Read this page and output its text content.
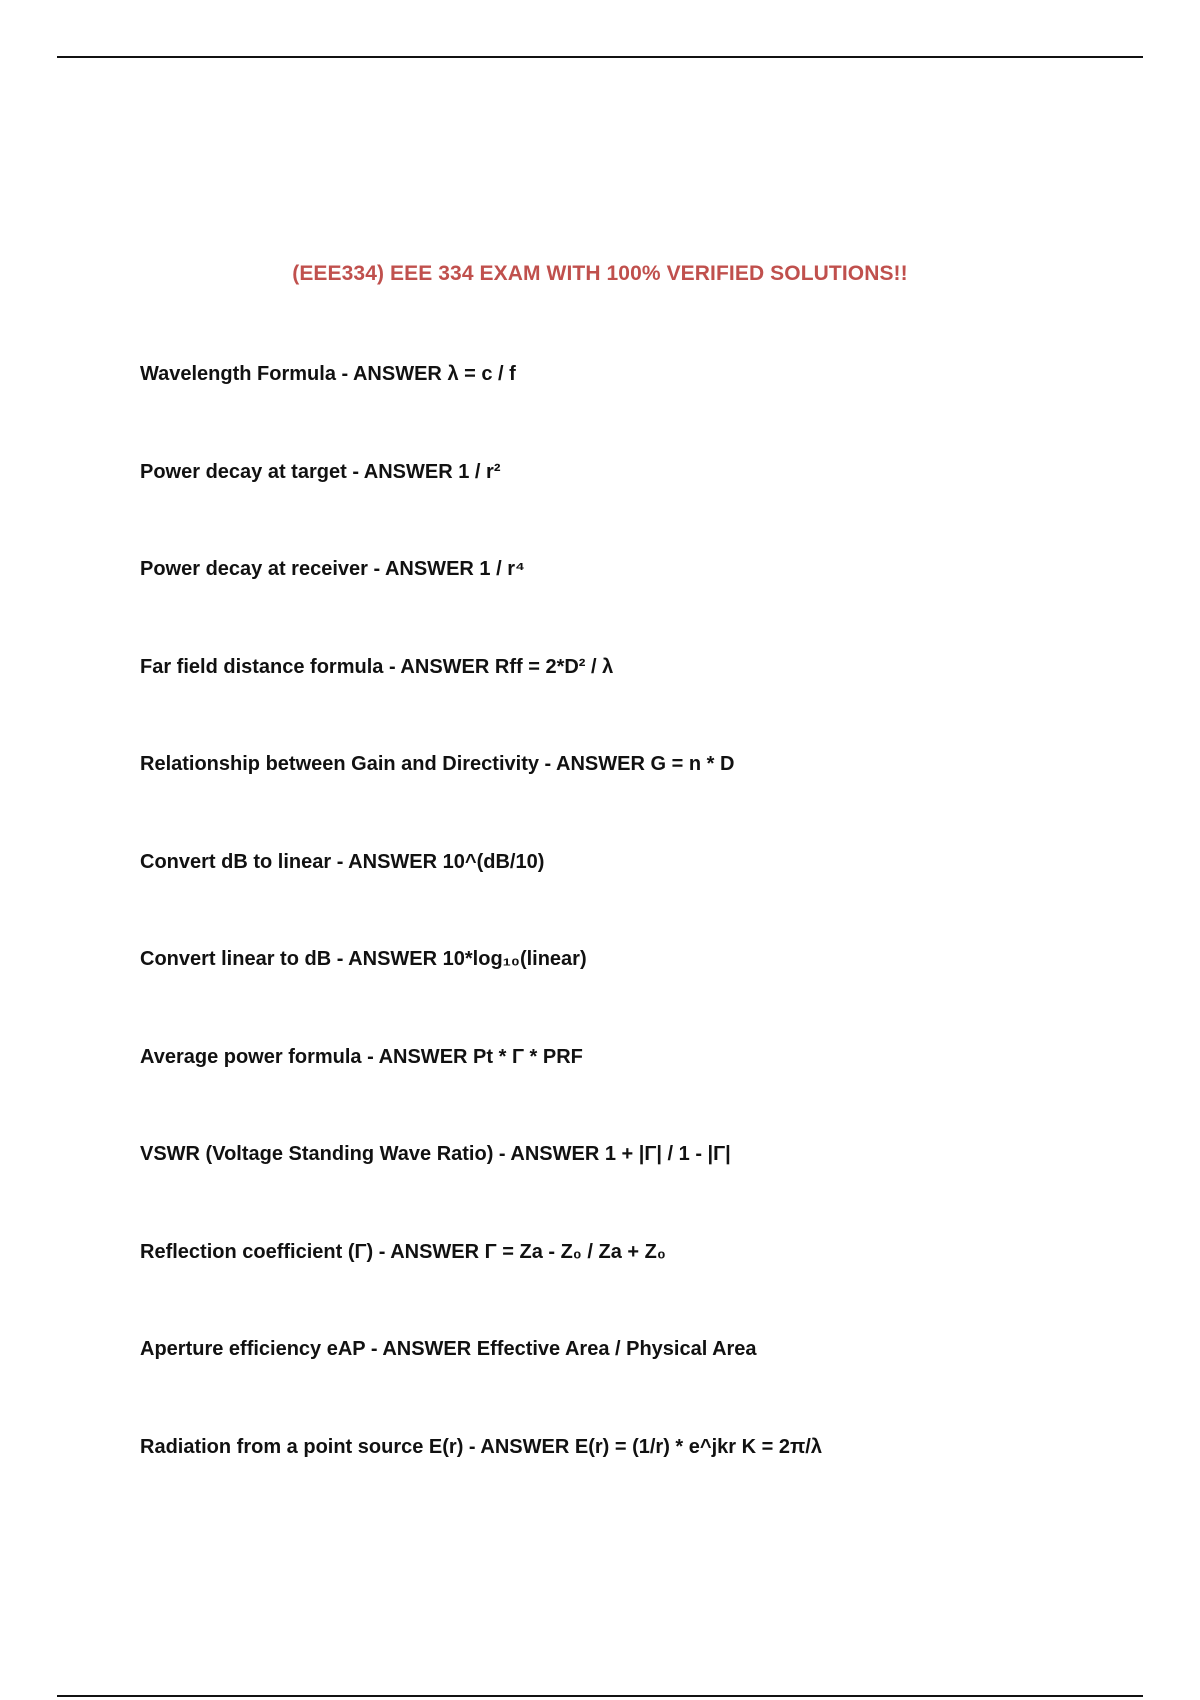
(EEE334) EEE 334 EXAM WITH 100% VERIFIED SOLUTIONS!!
Wavelength Formula - ANSWER λ = c / f
Power decay at target - ANSWER 1 / r²
Power decay at receiver - ANSWER 1 / r⁴
Far field distance formula - ANSWER Rff = 2*D² / λ
Relationship between Gain and Directivity - ANSWER G = n * D
Convert dB to linear - ANSWER 10^(dB/10)
Convert linear to dB - ANSWER 10*log₁₀(linear)
Average power formula - ANSWER Pt * Γ * PRF
VSWR (Voltage Standing Wave Ratio) - ANSWER 1 + |Γ| / 1 - |Γ|
Reflection coefficient (Γ) - ANSWER Γ = Za - Z₀ / Za + Z₀
Aperture efficiency eAP - ANSWER Effective Area / Physical Area
Radiation from a point source E(r) - ANSWER E(r) = (1/r) * e^jkr K = 2π/λ
